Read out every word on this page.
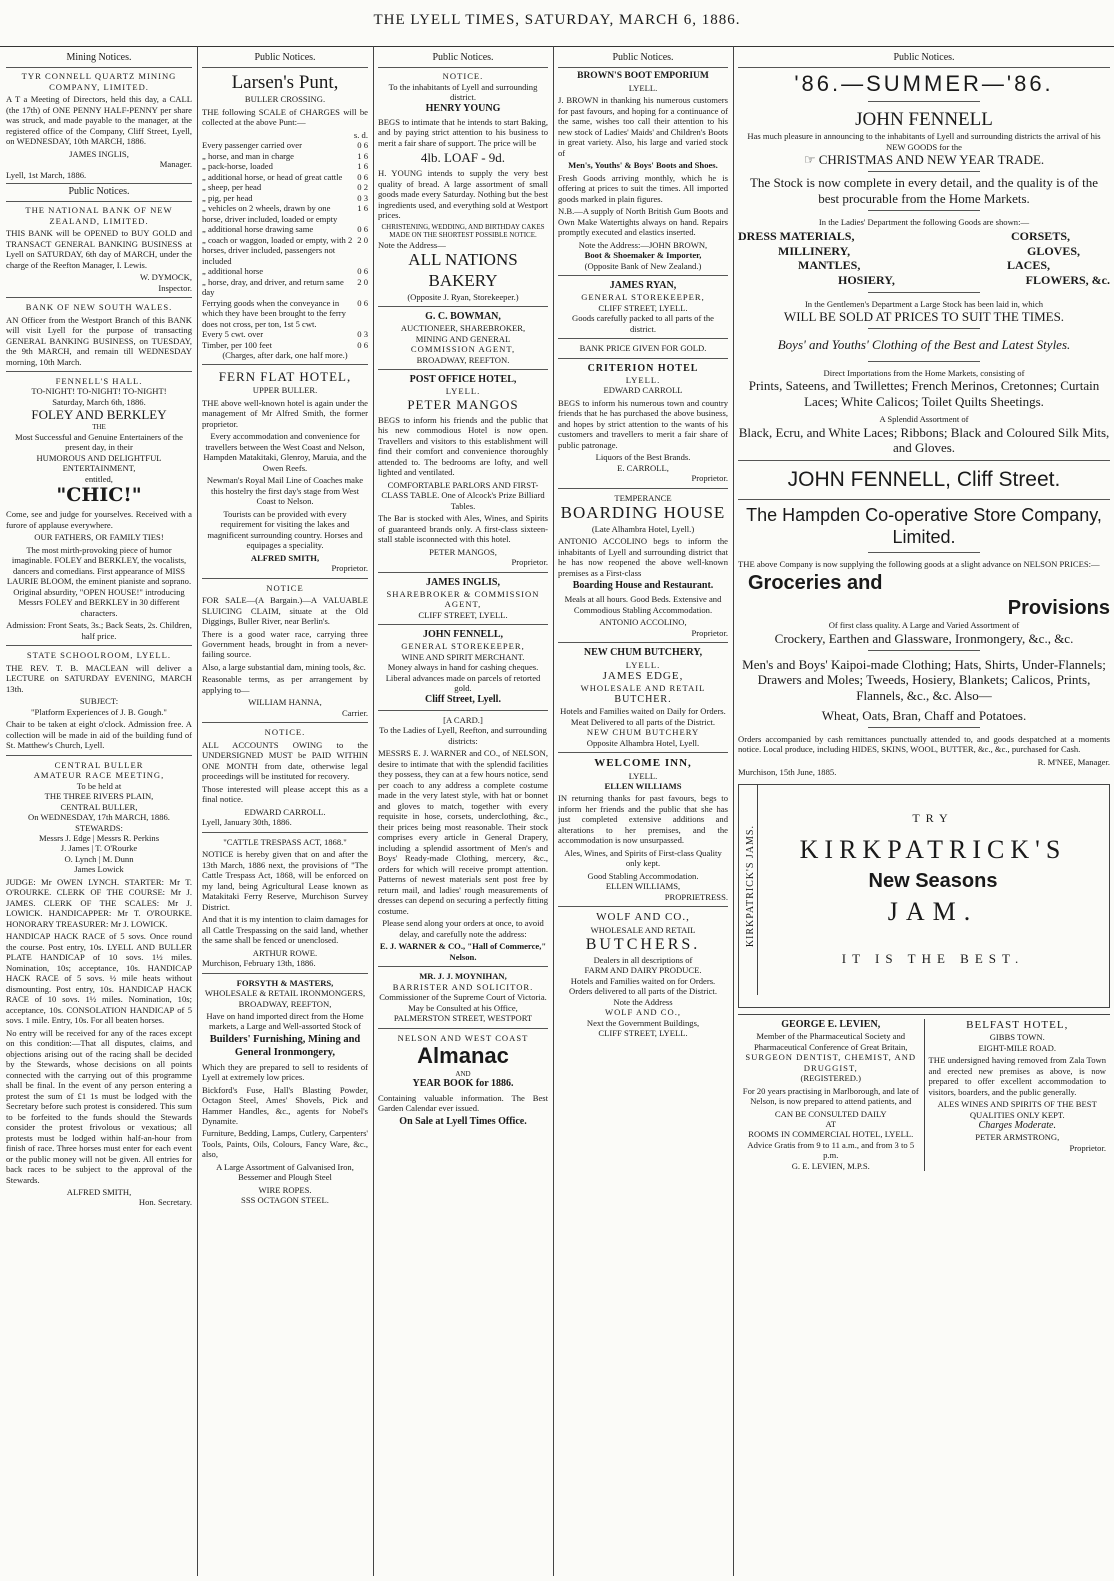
THE LYELL TIMES, SATURDAY, MARCH 6, 1886.
Mining Notices.
TYR CONNELL QUARTZ MINING COMPANY, LIMITED.

A T a Meeting of Directors, held this day, a CALL (the 17th) of ONE PENNY HALF-PENNY per share was struck, and made payable to the manager, at the registered office of the Company, Cliff Street, Lyell, on WEDNESDAY, 10th MARCH, 1886.

JAMES INGLIS,
Manager.
Lyell, 1st March, 1886.
Public Notices.
THE NATIONAL BANK OF NEW ZEALAND, LIMITED.

THIS BANK will be OPENED to BUY GOLD and TRANSACT GENERAL BANKING BUSINESS at Lyell on SATURDAY, 6th day of MARCH, under the charge of the Reefton Manager, I. Lewis.

W. DYMOCK,
Inspector.
BANK OF NEW SOUTH WALES.

AN Officer from the Westport Branch of this BANK will visit Lyell for the purpose of transacting GENERAL BANKING BUSINESS, on TUESDAY, the 9th MARCH, and remain till WEDNESDAY morning, 10th March.

FENNELL'S HALL.
TO-NIGHT! TO-NIGHT! TO-NIGHT!
Saturday, March 6th, 1886.
FOLEY AND BERKLEY
THE
Most Successful and Genuine Entertainers of the present day, in their
HUMOROUS AND DELIGHTFUL ENTERTAINMENT,
entitled,
"CHIC!"

Come, see and judge for yourselves. Received with a furore of applause everywhere.

OUR FATHERS, OR FAMILY TIES!

The most mirth-provoking piece of humor imaginable. FOLEY and BERKLEY, the vocalists, dancers and comedians. First appearance of MISS LAURIE BLOOM, the eminent pianiste and soprano. Original absurdity, "OPEN HOUSE!" introducing Messrs FOLEY and BERKLEY in 30 different characters.

Admission: Front Seats, 3s.; Back Seats, 2s. Children, half price.

STATE SCHOOLROOM, LYELL.

THE REV. T. B. MACLEAN will deliver a LECTURE on SATURDAY EVENING, MARCH 13th.

SUBJECT:
"Platform Experiences of J. B. Gough."

Chair to be taken at eight o'clock. Admission free. A collection will be made in aid of the building fund of St. Matthew's Church, Lyell.

CENTRAL BULLER
AMATEUR RACE MEETING,
To be held at
THE THREE RIVERS PLAIN,
CENTRAL BULLER,
On WEDNESDAY, 17th MARCH, 1886.
STEWARDS:
Messrs J. Edge | Messrs R. Perkins
J. James | T. O'Rourke
O. Lynch | M. Dunn
James Lowick

JUDGE: Mr OWEN LYNCH. STARTER: Mr T. O'ROURKE. CLERK OF THE COURSE: Mr J. JAMES. CLERK OF THE SCALES: Mr J. LOWICK. HANDICAPPER: Mr T. O'ROURKE. HONORARY TREASURER: Mr J. LOWICK.

HANDICAP HACK RACE of 5 sovs. Once round the course. Post entry, 10s. LYELL AND BULLER PLATE HANDICAP of 10 sovs. 1½ miles. Nomination, 10s; acceptance, 10s. HANDICAP HACK RACE of 5 sovs. ½ mile heats without dismounting. Post entry, 10s. HANDICAP HACK RACE of 10 sovs. 1½ miles. Nomination, 10s; acceptance, 10s. CONSOLATION HANDICAP of 5 sovs. 1 mile. Entry, 10s. For all beaten horses.

No entry will be received for any of the races except on this condition:—That all disputes, claims, and objections arising out of the racing shall be decided by the Stewards, whose decisions on all points connected with the carrying out of this programme shall be final. In the event of any person entering a protest the sum of £1 1s must be lodged with the Secretary before such protest is considered. This sum to be forfeited to the funds should the Stewards consider the protest frivolous or vexatious; all protests must be lodged within half-an-hour from finish of race. Three horses must enter for each event or the public money will not be given. All entries for back races to be subject to the approval of the Stewards.

ALFRED SMITH,
Hon. Secretary.
Public Notices.
Larsen's Punt,
BULLER CROSSING.

THE following SCALE of CHARGES will be collected at the above Punt:—

s. d.
Every passenger carried over	0 6
„ horse, and man in charge	1 6
„ pack-horse, loaded	1 6
„ additional horse, or head of great cattle	0 6
„ sheep, per head	0 2
„ pig, per head	0 3
„ vehicles on 2 wheels, drawn by one horse, driver included, loaded or empty
1 6
„ additional horse drawing same	0 6
„ coach or waggon, loaded or empty, with 2 horses, driver included, passengers not included
2 0
„ additional horse	0 6
„ horse, dray, and driver, and return same day
2 0
Ferrying goods when the conveyance in which they have been brought to the ferry does not cross, per ton, 1st 5 cwt.
0 6
Every 5 cwt. over	0 3
Timber, per 100 feet	0 6
(Charges, after dark, one half more.)
FERN FLAT HOTEL,
UPPER BULLER.

THE above well-known hotel is again under the management of Mr Alfred Smith, the former proprietor.

Every accommodation and convenience for travellers between the West Coast and Nelson, Hampden Matakitaki, Glenroy, Maruia, and the Owen Reefs.

Newman's Royal Mail Line of Coaches make this hostelry the first day's stage from West Coast to Nelson.

Tourists can be provided with every requirement for visiting the lakes and magnificent surrounding country. Horses and equipages a speciality.

ALFRED SMITH,
Proprietor.
NOTICE

FOR SALE—(A Bargain.)—A VALUABLE SLUICING CLAIM, situate at the Old Diggings, Buller River, near Berlin's.

There is a good water race, carrying three Government heads, brought in from a never-failing source.

Also, a large substantial dam, mining tools, &c.

Reasonable terms, as per arrangement by applying to—

WILLIAM HANNA,
Carrier.
NOTICE.

ALL ACCOUNTS OWING to the UNDERSIGNED MUST be PAID WITHIN ONE MONTH from date, otherwise legal proceedings will be instituted for recovery.

Those interested will please accept this as a final notice.

EDWARD CARROLL.
Lyell, January 30th, 1886.
"CATTLE TRESPASS ACT, 1868."

NOTICE is hereby given that on and after the 13th March, 1886 next, the provisions of "The Cattle Trespass Act, 1868, will be enforced on my land, being Agricultural Lease known as Matakitaki Ferry Reserve, Murchison Survey District.

And that it is my intention to claim damages for all Cattle Trespassing on the said land, whether the same shall be fenced or unenclosed.

ARTHUR ROWE.
Murchison, February 13th, 1886.
FORSYTH & MASTERS,
WHOLESALE & RETAIL IRONMONGERS,
BROADWAY, REEFTON,

Have on hand imported direct from the Home markets, a Large and Well-assorted Stock of

Builders' Furnishing, Mining and General Ironmongery,

Which they are prepared to sell to residents of Lyell at extremely low prices.

Bickford's Fuse, Hall's Blasting Powder, Octagon Steel, Ames' Shovels, Pick and Hammer Handles, &c., agents for Nobel's Dynamite.

Furniture, Bedding, Lamps, Cutlery, Carpenters' Tools, Paints, Oils, Colours, Fancy Ware, &c., also,

A Large Assortment of Galvanised Iron, Bessemer and Plough Steel

WIRE ROPES.
SSS OCTAGON STEEL.
Public Notices.
NOTICE.
To the inhabitants of Lyell and surrounding district.
HENRY YOUNG

BEGS to intimate that he intends to start Baking, and by paying strict attention to his business to merit a fair share of support. The price will be

4lb. LOAF - 9d.

H. YOUNG intends to supply the very best quality of bread. A large assortment of small goods made every Saturday. Nothing but the best ingredients used, and everything sold at Westport prices.

CHRISTENING, WEDDING, AND BIRTHDAY CAKES MADE ON THE SHORTEST POSSIBLE NOTICE.
Note the Address—
ALL NATIONS BAKERY
(Opposite J. Ryan, Storekeeper.)
G. C. BOWMAN,
AUCTIONEER, SHAREBROKER,
MINING AND GENERAL
COMMISSION AGENT,
BROADWAY, REEFTON.
POST OFFICE HOTEL,
LYELL.
PETER MANGOS

BEGS to inform his friends and the public that his new commodious Hotel is now open. Travellers and visitors to this establishment will find their comfort and convenience thoroughly attended to. The bedrooms are lofty, and well lighted and ventilated.

COMFORTABLE PARLORS AND FIRST-CLASS TABLE. One of Alcock's Prize Billiard Tables.

The Bar is stocked with Ales, Wines, and Spirits of guaranteed brands only. A first-class sixteen-stall stable isconnected with this hotel.

PETER MANGOS,
Proprietor.
JAMES INGLIS,
SHAREBROKER & COMMISSION AGENT,
CLIFF STREET, LYELL.
JOHN FENNELL,
GENERAL STOREKEEPER,
WINE AND SPIRIT MERCHANT.
Money always in hand for cashing cheques.
Liberal advances made on parcels of retorted gold.
Cliff Street, Lyell.
[A CARD.]
To the Ladies of Lyell, Reefton, and surrounding districts:

MESSRS E. J. WARNER and CO., of NELSON, desire to intimate that with the splendid facilities they possess, they can at a few hours notice, send per coach to any address a complete costume made in the very latest style, with hat or bonnet and gloves to match, together with every requisite in hose, corsets, underclothing, &c., their prices being most reasonable. Their stock comprises every article in General Drapery, including a splendid assortment of Men's and Boys' Ready-made Clothing, mercery, &c., orders for which will receive prompt attention. Patterns of newest materials sent post free by return mail, and ladies' rough measurements of dresses can depend on securing a perfectly fitting costume.

Please send along your orders at once, to avoid delay, and carefully note the address:

E. J. WARNER & CO., "Hall of Commerce," Nelson.
MR. J. J. MOYNIHAN,
BARRISTER AND SOLICITOR.
Commissioner of the Supreme Court of Victoria.
May be Consulted at his Office,
PALMERSTON STREET, WESTPORT
NELSON AND WEST COAST
Almanac
AND
YEAR BOOK for 1886.

Containing valuable information. The Best Garden Calendar ever issued.

On Sale at Lyell Times Office.
Public Notices.
BROWN'S BOOT EMPORIUM
LYELL.

J. BROWN in thanking his numerous customers for past favours, and hoping for a continuance of the same, wishes too call their attention to his new stock of Ladies' Maids' and Children's Boots in great variety. Also, his large and varied stock of

Men's, Youths' & Boys' Boots and Shoes.

Fresh Goods arriving monthly, which he is offering at prices to suit the times. All imported goods marked in plain figures.

N.B.—A supply of North British Gum Boots and Own Make Watertights always on hand. Repairs promptly executed and elastics inserted.

Note the Address:—JOHN BROWN,
Boot & Shoemaker & Importer,
(Opposite Bank of New Zealand.)
JAMES RYAN,
GENERAL STOREKEEPER,
CLIFF STREET, LYELL.
Goods carefully packed to all parts of the district.
BANK PRICE GIVEN FOR GOLD.
CRITERION HOTEL
LYELL.
EDWARD CARROLL

BEGS to inform his numerous town and country friends that he has purchased the above business, and hopes by strict attention to the wants of his customers and travellers to merit a fair share of public patronage.

Liquors of the Best Brands.
E. CARROLL,
Proprietor.
TEMPERANCE
BOARDING HOUSE
(Late Alhambra Hotel, Lyell.)

ANTONIO ACCOLINO begs to inform the inhabitants of Lyell and surrounding district that he has now reopened the above well-known premises as a First-class

Boarding House and Restaurant.

Meals at all hours. Good Beds. Extensive and Commodious Stabling Accommodation.

ANTONIO ACCOLINO,
Proprietor.
NEW CHUM BUTCHERY,
LYELL.
JAMES EDGE,
WHOLESALE AND RETAIL
BUTCHER.
Hotels and Families waited on Daily for Orders.
Meat Delivered to all parts of the District.
NEW CHUM BUTCHERY
Opposite Alhambra Hotel, Lyell.
WELCOME INN,
LYELL.
ELLEN WILLIAMS

IN returning thanks for past favours, begs to inform her friends and the public that she has just completed extensive additions and alterations to her premises, and the accommodation is now unsurpassed.

Ales, Wines, and Spirits of First-class Quality only kept.

Good Stabling Accommodation.
ELLEN WILLIAMS,
PROPRIETRESS.
WOLF AND CO.,
WHOLESALE AND RETAIL
BUTCHERS.
Dealers in all descriptions of
FARM AND DAIRY PRODUCE.
Hotels and Families waited on for Orders.
Orders delivered to all parts of the District.
Note the Address
WOLF AND CO.,
Next the Government Buildings,
CLIFF STREET, LYELL.
Public Notices.
'86.—SUMMER—'86.
JOHN FENNELL
Has much pleasure in announcing to the inhabitants of Lyell and surrounding districts the arrival of his NEW GOODS for the
☞ CHRISTMAS AND NEW YEAR TRADE.
The Stock is now complete in every detail, and the quality is of the best procurable from the Home Markets.
In the Ladies' Department the following Goods are shown:—
DRESS MATERIALS,	CORSETS,
MILLINERY,	GLOVES,
MANTLES,	LACES,
HOSIERY,	FLOWERS, &c.
In the Gentlemen's Department a Large Stock has been laid in, which
WILL BE SOLD AT PRICES TO SUIT THE TIMES.
Boys' and Youths' Clothing of the Best and Latest Styles.
Direct Importations from the Home Markets, consisting of
Prints, Sateens, and Twillettes; French Merinos, Cretonnes; Curtain Laces; White Calicos; Toilet Quilts Sheetings.
A Splendid Assortment of
Black, Ecru, and White Laces; Ribbons; Black and Coloured Silk Mits, and Gloves.
JOHN FENNELL, Cliff Street.
The Hampden Co-operative Store Company, Limited.

THE above Company is now supplying the following goods at a slight advance on NELSON PRICES:—

Groceries and
Provisions
Of first class quality. A Large and Varied Assortment of
Crockery, Earthen and Glassware, Ironmongery, &c., &c.
Men's and Boys' Kaipoi-made Clothing; Hats, Shirts, Under-Flannels; Drawers and Moles; Tweeds, Hosiery, Blankets; Calicos, Prints, Flannels, &c., &c. Also—
Wheat, Oats, Bran, Chaff and Potatoes.

Orders accompanied by cash remittances punctually attended to, and goods despatched at a moments notice. Local produce, including HIDES, SKINS, WOOL, BUTTER, &c., &c., purchased for Cash.

R. M'NEE, Manager.
Murchison, 15th June, 1885.
KIRKPATRICK'S JAMS.
TRY
KIRKPATRICK'S
New Seasons
JAM.
IT IS THE BEST.
GEORGE E. LEVIEN,
Member of the Pharmaceutical Society and Pharmaceutical Conference of Great Britain,
SURGEON DENTIST, CHEMIST, AND DRUGGIST,
(REGISTERED.)

For 20 years practising in Marlborough, and late of Nelson, is now prepared to attend patients, and

CAN BE CONSULTED DAILY
AT
ROOMS IN COMMERCIAL HOTEL, LYELL.
Advice Gratis from 9 to 11 a.m., and from 3 to 5 p.m.
G. E. LEVIEN, M.P.S.
BELFAST HOTEL,
GIBBS TOWN.
EIGHT-MILE ROAD.

THE undersigned having removed from Zala Town and erected new premises as above, is now prepared to offer excellent accommodation to visitors, boarders, and the public generally.

ALES WINES AND SPIRITS OF THE BEST QUALITIES ONLY KEPT.
Charges Moderate.
PETER ARMSTRONG,
Proprietor.
